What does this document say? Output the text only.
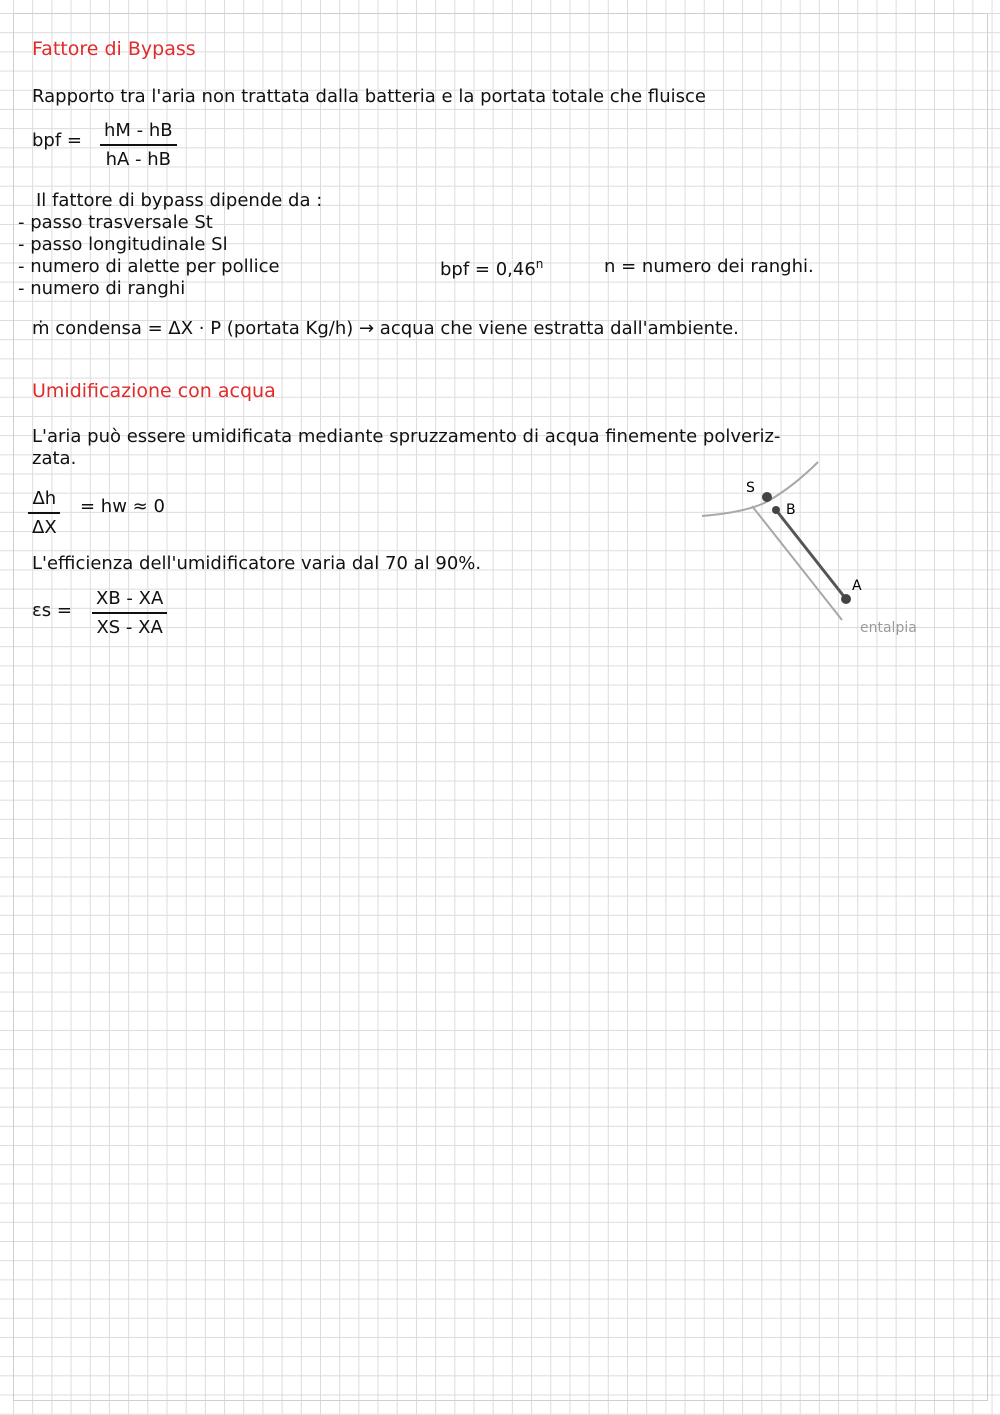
Fattore di Bypass
Rapporto tra l'aria non trattata dalla batteria e la portata totale che fluisce
bpf = $\frac{hM - hB}{hA - hB}$
Il fattore di bypass dipende da :
- passo trasversale St
- passo longitudinale Sl
- numero di alette per pollice
- numero di ranghi
bpf = $0,46^n$	n = numero dei ranghi.
ṁ condensa = ΔX · P (portata Kg/h) → acqua che viene estratta dall'ambiente.
Umidificazione con acqua
L'aria può essere umidificata mediante spruzzamento di acqua finemente polveriz-
zata.
$\frac{\Delta h}{\Delta X}$ = hw ≈ 0
L'efficienza dell'umidificatore varia dal 70 al 90%.
$\varepsilon s = \frac{XB - XA}{XS - XA}$
S
B
A
entalpia
